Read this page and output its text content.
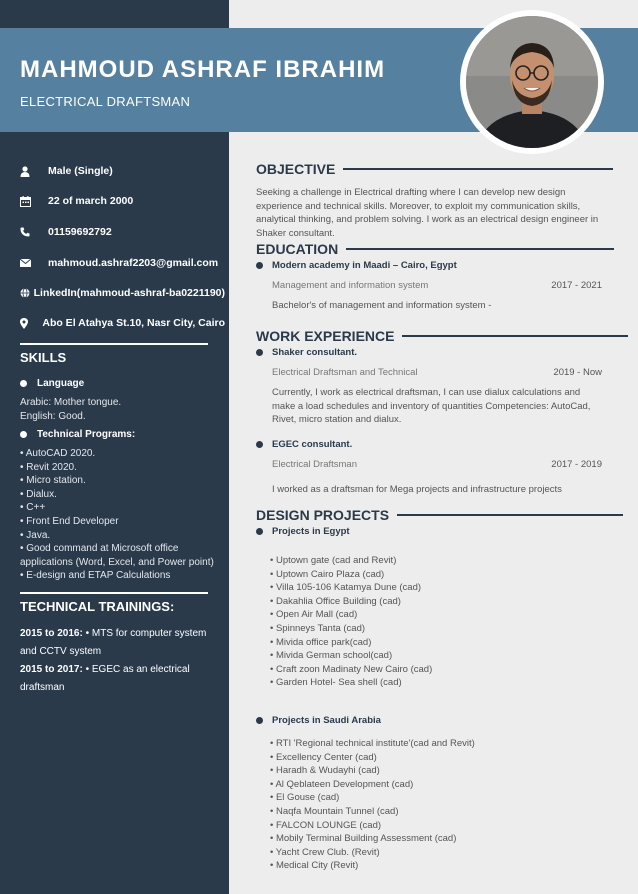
MAHMOUD ASHRAF IBRAHIM
ELECTRICAL DRAFTSMAN
Male (Single)
22 of march 2000
01159692792
mahmoud.ashraf2203@gmail.com
LinkedIn(mahmoud-ashraf-ba0221190)
Abo El Atahya St.10, Nasr City, Cairo
SKILLS
Language
Arabic: Mother tongue.
English: Good.
Technical Programs:
• AutoCAD 2020.
• Revit 2020.
• Micro station.
• Dialux.
• C++
• Front End Developer
• Java.
• Good command at Microsoft office
applications (Word, Excel, and Power point)
• E-design and ETAP Calculations
TECHNICAL TRAININGS:
2015 to 2016: • MTS for computer system and CCTV system
2015 to 2017: • EGEC as an electrical draftsman
OBJECTIVE
Seeking a challenge in Electrical drafting where I can develop new design experience and technical skills. Moreover, to exploit my communication skills, analytical thinking, and problem solving. I work as an electrical design engineer in Shaker consultant.
EDUCATION
Modern academy in Maadi – Cairo, Egypt
Management and information system	2017 - 2021
Bachelor's of management and information system -
WORK EXPERIENCE
Shaker consultant.
Electrical Draftsman and Technical	2019 - Now
Currently, I work as electrical draftsman, I can use dialux calculations and make a load schedules and inventory of quantities Competencies: AutoCad, Rivet, micro station and dialux.
EGEC consultant.
Electrical Draftsman	2017 - 2019
I worked as a draftsman for Mega projects and infrastructure projects
DESIGN PROJECTS
Projects in Egypt
• Uptown gate (cad and Revit)
• Uptown Cairo Plaza (cad)
• Villa 105-106 Katamya Dune (cad)
• Dakahlia Office Building (cad)
• Open Air Mall (cad)
• Spinneys Tanta (cad)
• Mivida office park(cad)
• Mivida German school(cad)
• Craft zoon Madinaty New Cairo (cad)
• Garden Hotel- Sea shell (cad)
Projects in Saudi Arabia
• RTI 'Regional technical institute'(cad and Revit)
• Excellency Center (cad)
• Haradh & Wudayhi (cad)
• Al Qeblateen Development (cad)
• El Gouse (cad)
• Naqfa Mountain Tunnel (cad)
• FALCON LOUNGE (cad)
• Mobily Terminal Building Assessment (cad)
• Yacht Crew Club. (Revit)
• Medical City (Revit)
